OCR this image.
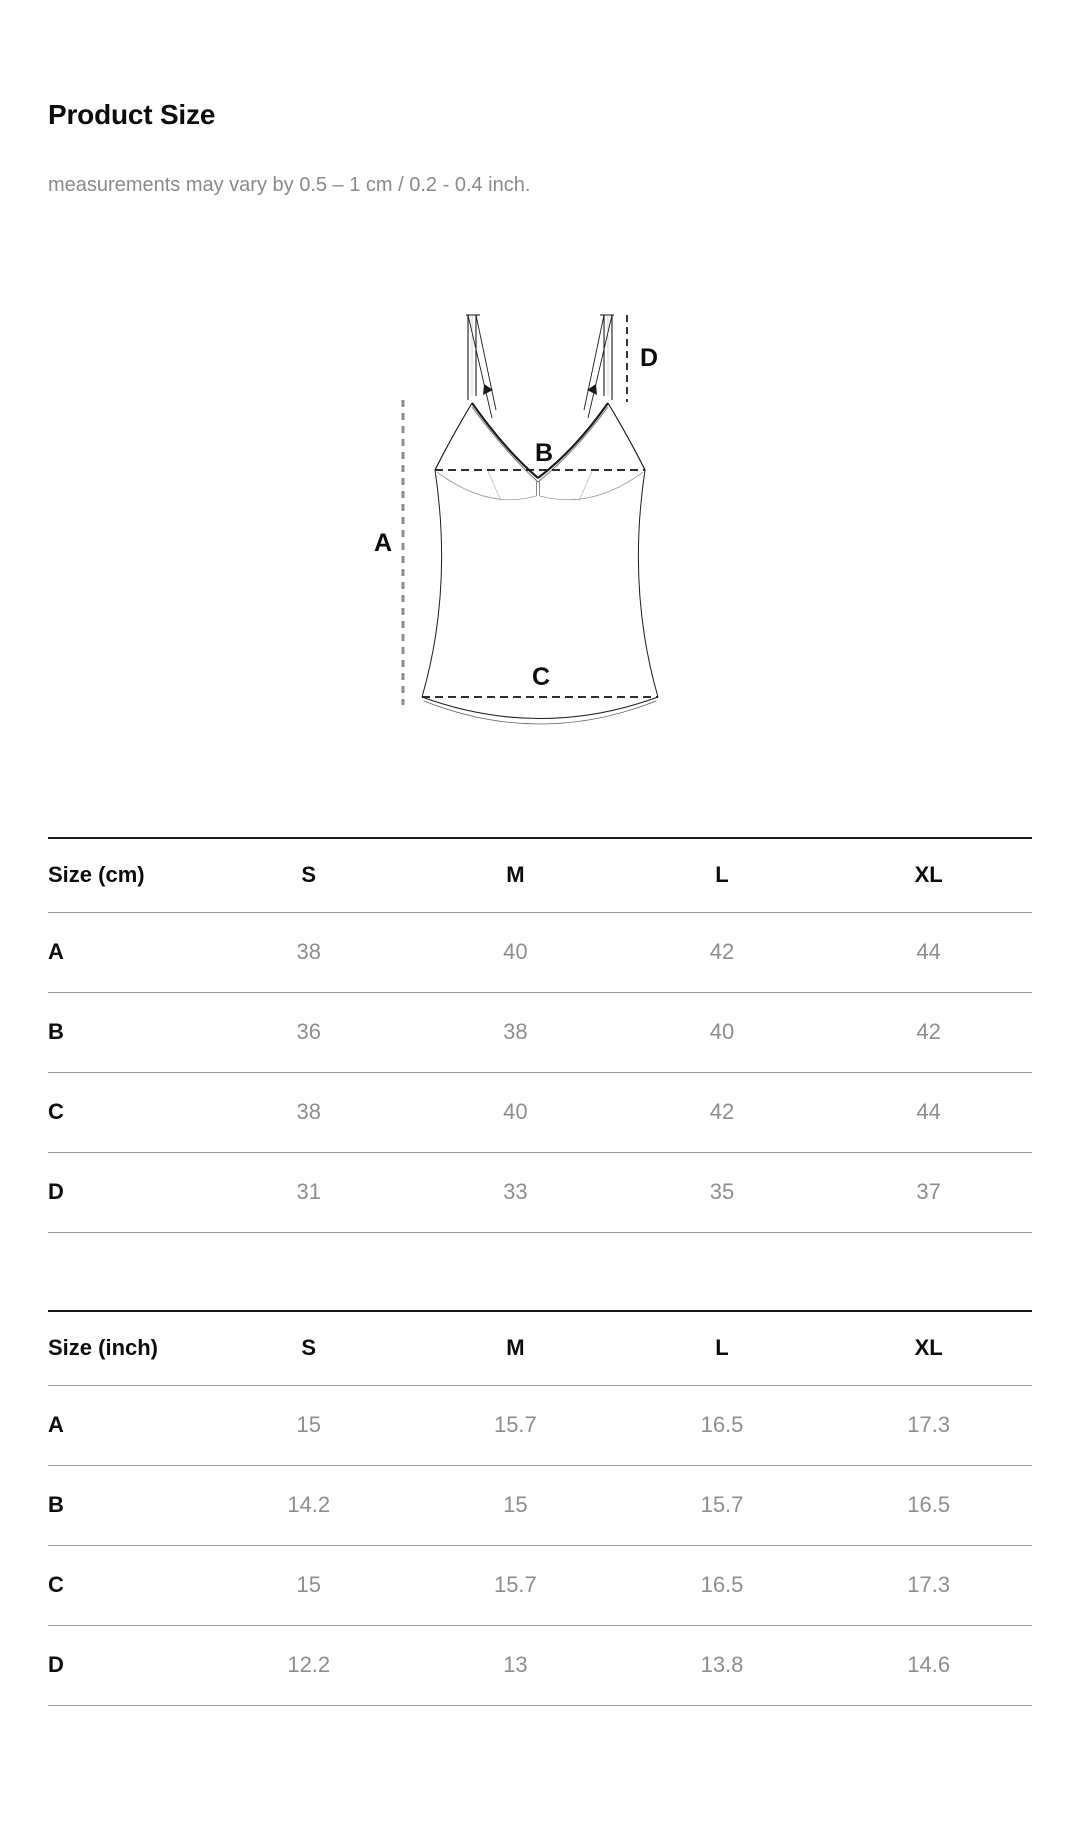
Product Size

measurements may vary by 0.5 – 1 cm / 0.2 - 0.4 inch.

A
B
C
D
Size (cm)	S	M	L	XL
A	38	40	42	44
B	36	38	40	42
C	38	40	42	44
D	31	33	35	37
Size (inch)	S	M	L	XL
A	15	15.7	16.5	17.3
B	14.2	15	15.7	16.5
C	15	15.7	16.5	17.3
D	12.2	13	13.8	14.6
